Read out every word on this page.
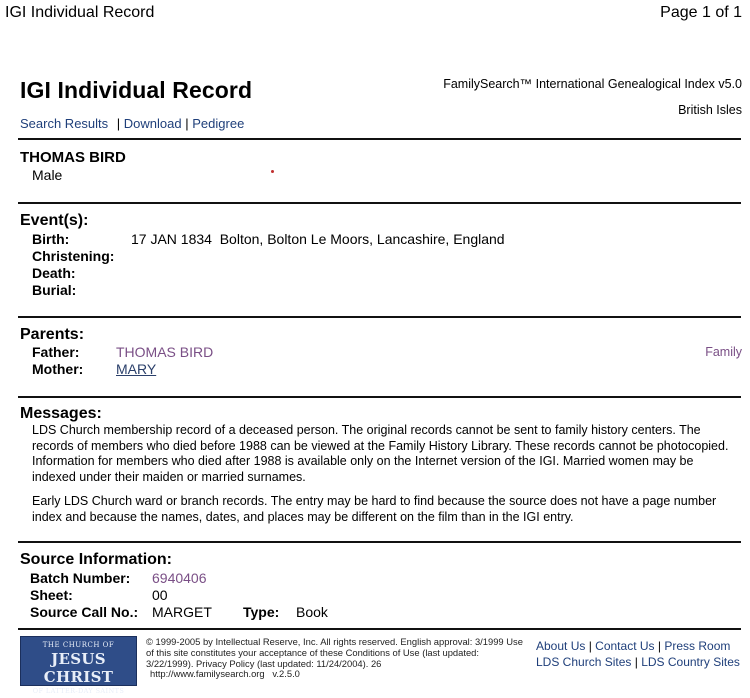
IGI Individual Record	Page 1 of 1
IGI Individual Record	FamilySearch™ International Genealogical Index v5.0
British Isles
Search Results | Download | Pedigree
THOMAS BIRD
Male
Event(s):
Birth:	17 JAN 1834  Bolton, Bolton Le Moors, Lancashire, England
Christening:
Death:
Burial:
Parents:
Father:	THOMAS BIRD	Family
Mother: MARY
Messages:
LDS Church membership record of a deceased person. The original records cannot be sent to family history centers. The records of members who died before 1988 can be viewed at the Family History Library. These records cannot be photocopied. Information for members who died after 1988 is available only on the Internet version of the IGI. Married women may be indexed under their maiden or married surnames.
Early LDS Church ward or branch records. The entry may be hard to find because the source does not have a page number index and because the names, dates, and places may be different on the film than in the IGI entry.
Source Information:
Batch Number: 6940406
Sheet:	00
Source Call No.: MARGET Type: Book
THE CHURCH OF
JESUS CHRIST
OF LATTER-DAY SAINTS
© 1999-2005 by Intellectual Reserve, Inc. All rights reserved. English approval: 3/1999 Use of this site constitutes your acceptance of these Conditions of Use (last updated: 3/22/1999). Privacy Policy (last updated: 11/24/2004). 26
http://www.familysearch.org   v.2.5.0
About Us | Contact Us | Press Room
LDS Church Sites | LDS Country Sites
